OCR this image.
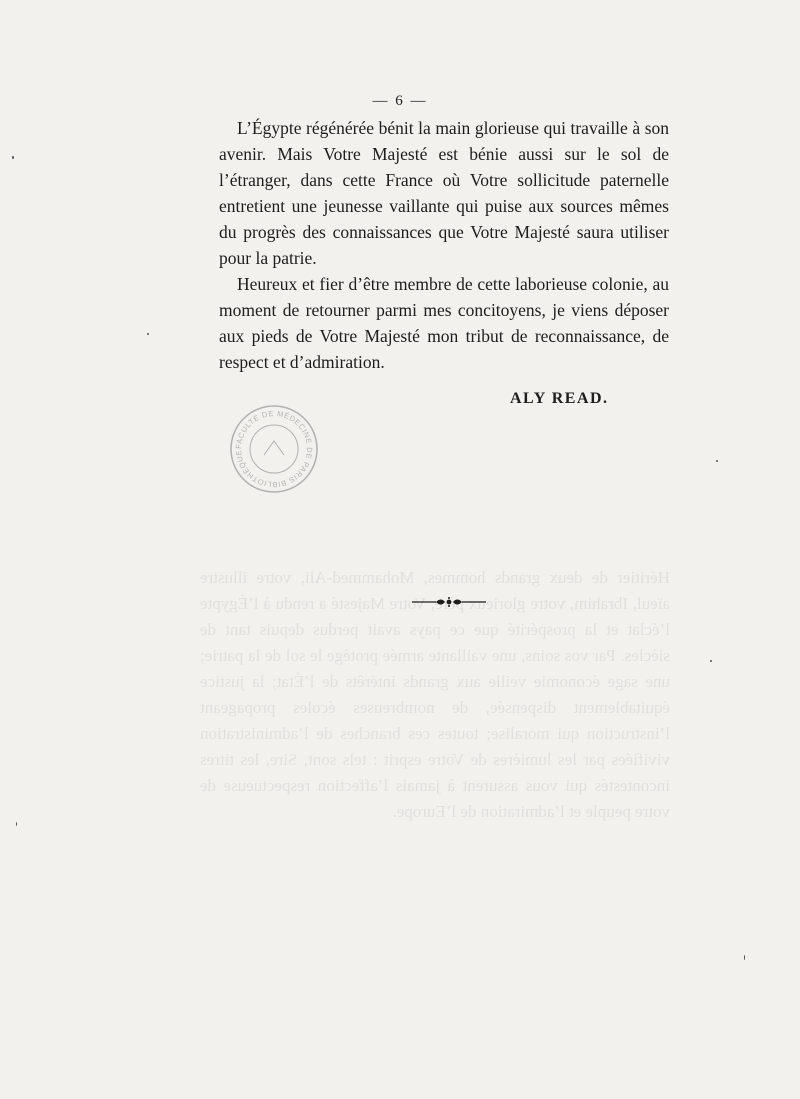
Héritier de deux grands hommes, Mohammed-Ali, votre illustre aïeul, Ibrahim, votre glorieux père, Votre Majesté a rendu à l’Égypte l’éclat et la prospérité que ce pays avait perdus depuis tant de siècles. Par vos soins, une vaillante armée protège le sol de la patrie; une sage économie veille aux grands intérêts de l’État; la justice équitablement dispensée, de nombreuses écoles propageant l’instruction qui moralise; toutes ces branches de l’administration vivifiées par les lumières de Votre esprit : tels sont, Sire, les titres incontestés qui vous assurent à jamais l’affection respectueuse de votre peuple et l’admiration de l’Europe.
— 6 —

L’Égypte régénérée bénit la main glorieuse qui travaille à son avenir. Mais Votre Majesté est bénie aussi sur le sol de l’étranger, dans cette France où Votre sollicitude paternelle entretient une jeunesse vaillante qui puise aux sources mêmes du progrès des connaissances que Votre Majesté saura utiliser pour la patrie.

Heureux et fier d’être membre de cette laborieuse colonie, au moment de retourner parmi mes concitoyens, je viens déposer aux pieds de Votre Majesté mon tribut de reconnaissance, de respect et d’admiration.

ALY READ.
FACULTÉ DE MÉDECINE DE PARIS BIBLIOTHÈQUE
